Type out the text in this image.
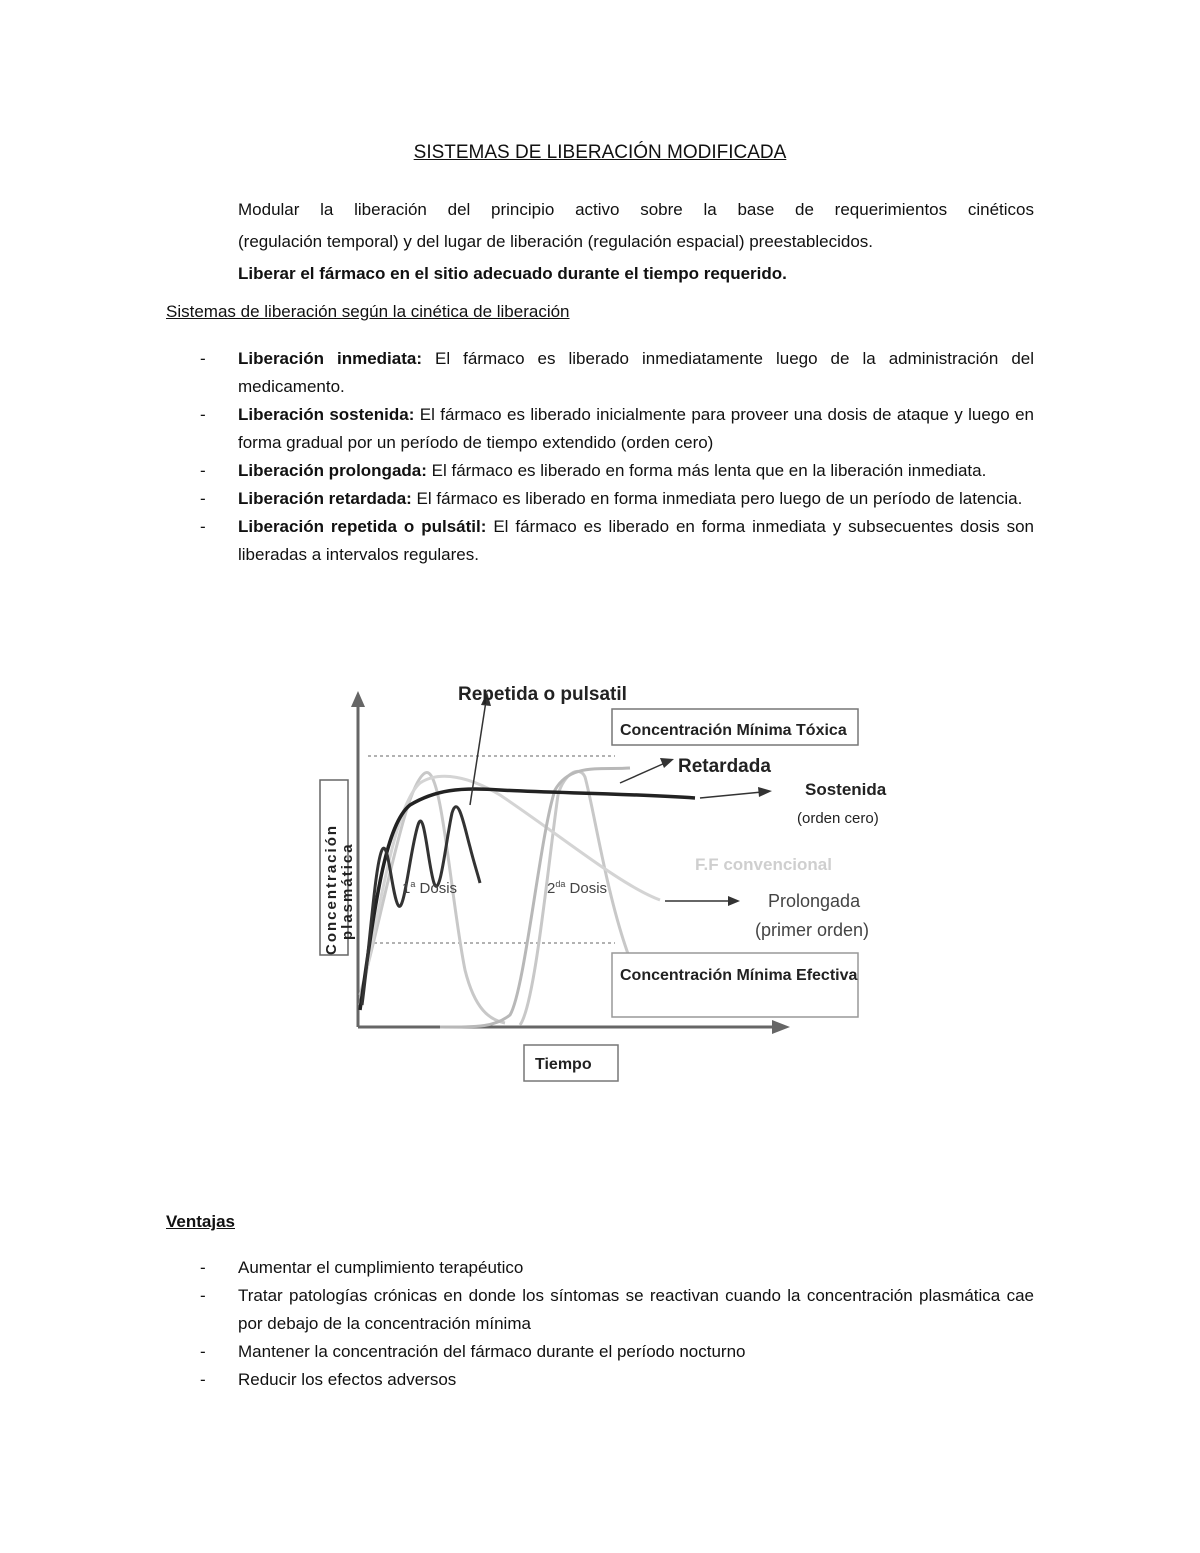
SISTEMAS DE LIBERACIÓN MODIFICADA
Modular la liberación del principio activo sobre la base de requerimientos cinéticos
(regulación temporal) y del lugar de liberación (regulación espacial) preestablecidos.
Liberar el fármaco en el sitio adecuado durante el tiempo requerido.
Sistemas de liberación según la cinética de liberación
- Liberación inmediata: El fármaco es liberado inmediatamente luego de la administración del medicamento.
- Liberación sostenida: El fármaco es liberado inicialmente para proveer una dosis de ataque y luego en forma gradual por un período de tiempo extendido (orden cero)
- Liberación prolongada: El fármaco es liberado en forma más lenta que en la liberación inmediata.
- Liberación retardada: El fármaco es liberado en forma inmediata pero luego de un período de latencia.
- Liberación repetida o pulsátil: El fármaco es liberado en forma inmediata y subsecuentes dosis son liberadas a intervalos regulares.
Concentración plasmática
Repetida o pulsatil
Concentración Mínima Tóxica
Retardada
Sostenida
(orden cero)
F.F convencional
Prolongada
(primer orden)
Concentración Mínima Efectiva
1$^a$ Dosis	$2^{da}$ Dosis
Tiempo
Ventajas
- Aumentar el cumplimiento terapéutico
- Tratar patologías crónicas en donde los síntomas se reactivan cuando la concentración plasmática cae por debajo de la concentración mínima
- Mantener la concentración del fármaco durante el período nocturno
- Reducir los efectos adversos
